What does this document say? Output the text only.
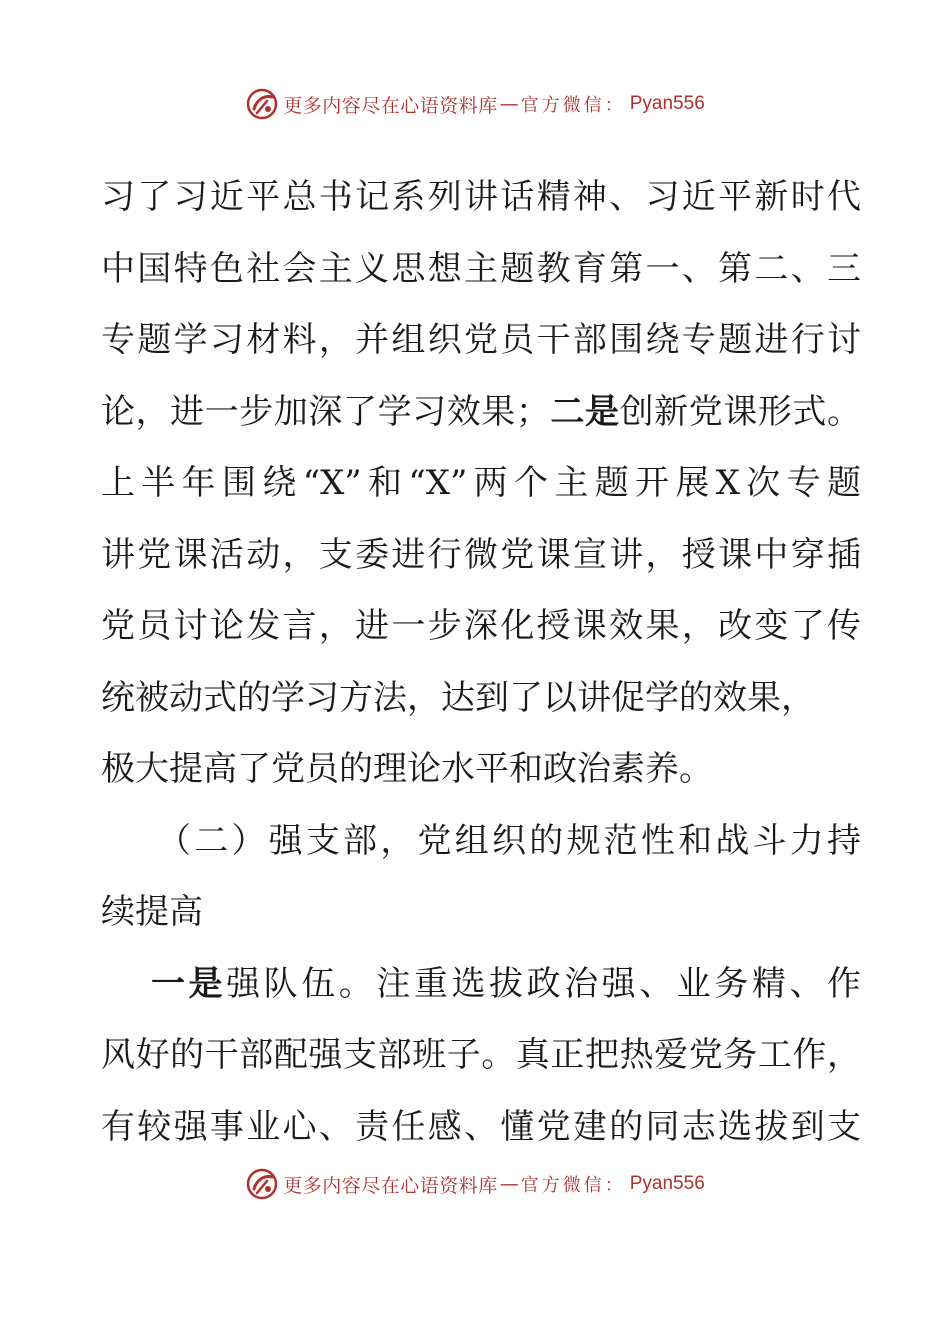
更多内容尽在心语资料库 — 官方微信： Pyan556
习了习近平总书记系列讲话精神、习近平新时代
中国特色社会主义思想主题教育第一、第二、三
专题学习材料，并组织党员干部围绕专题进行讨
论，进一步加深了学习效果；二是创新党课形式。
上半年围绕“X”和“X”两个主题开展X次专题
讲党课活动，支委进行微党课宣讲，授课中穿插
党员讨论发言，进一步深化授课效果，改变了传
统被动式的学习方法，达到了以讲促学的效果，
极大提高了党员的理论水平和政治素养。
（二）强支部，党组织的规范性和战斗力持
续提高
一是强队伍。注重选拔政治强、业务精、作
风好的干部配强支部班子。真正把热爱党务工作，
有较强事业心、责任感、懂党建的同志选拔到支
更多内容尽在心语资料库 — 官方微信： Pyan556
